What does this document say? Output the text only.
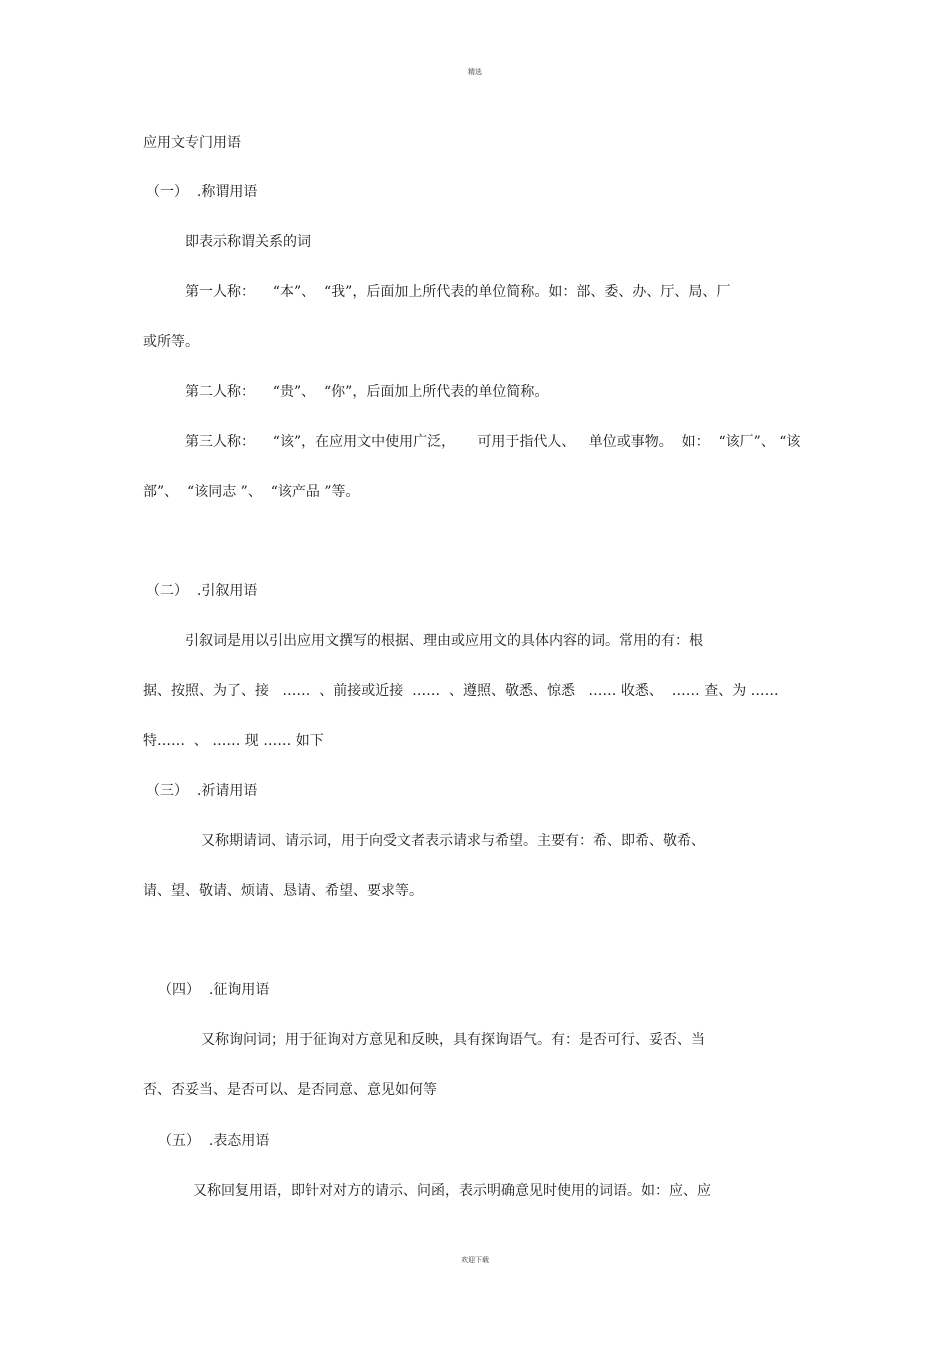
精选
应用文专门用语
（一）  .称谓用语
即表示称谓关系的词
第一人称：    “本”、  “我”，后面加上所代表的单位简称。如：部、委、办、厅、局、厂
或所等。
第二人称：    “贵”、  “你”，后面加上所代表的单位简称。
第三人称：    “该”，在应用文中使用广泛，     可用于指代人、   单位或事物。  如：  “该厂”、 “该
部”、  “该同志 ”、  “该产品 ”等。
（二）  .引叙用语
引叙词是用以引出应用文撰写的根据、理由或应用文的具体内容的词。常用的有：根
据、按照、为了、接   ……  、前接或近接  ……  、遵照、敬悉、惊悉   …… 收悉、  …… 查、为 ……
特……  、 …… 现 …… 如下
（三）  .祈请用语
又称期请词、请示词，用于向受文者表示请求与希望。主要有：希、即希、敬希、
请、望、敬请、烦请、恳请、希望、要求等。
（四）  .征询用语
又称询问词；用于征询对方意见和反映，具有探询语气。有：是否可行、妥否、当
否、否妥当、是否可以、是否同意、意见如何等
（五）  .表态用语
又称回复用语，即针对对方的请示、问函，表示明确意见时使用的词语。如：应、应
欢迎下载
